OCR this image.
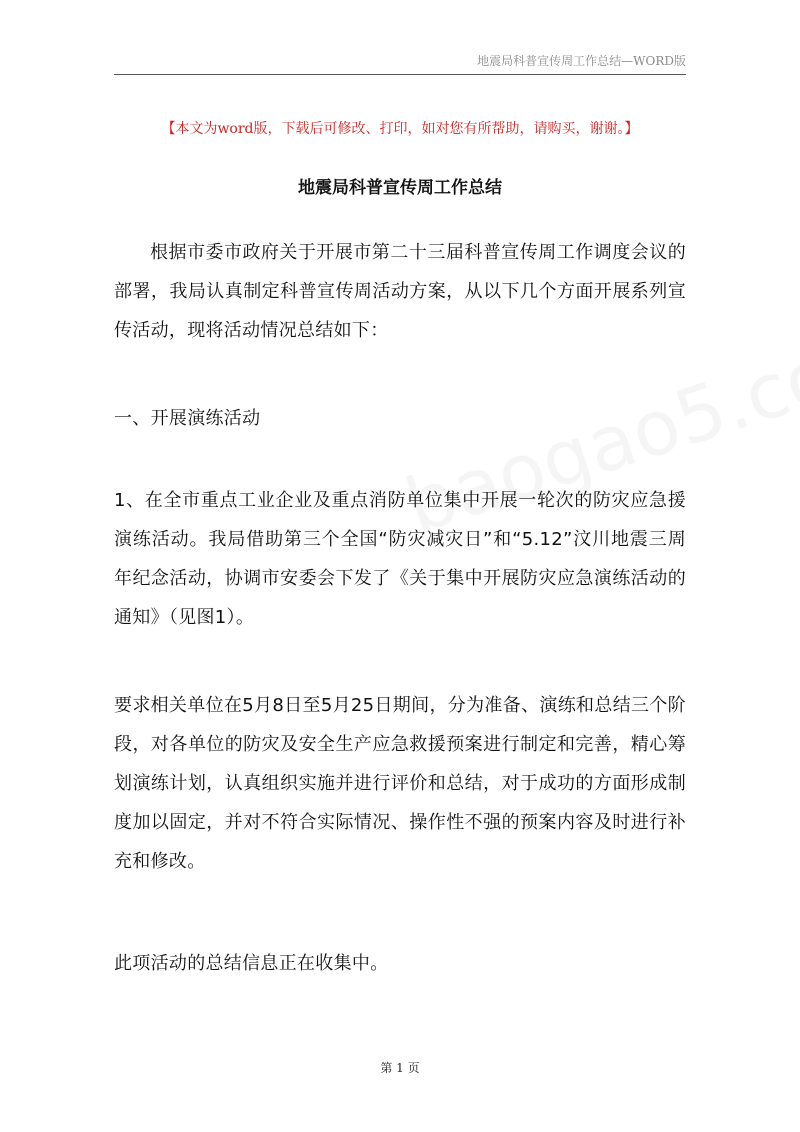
地震局科普宣传周工作总结—WORD版
【本文为word版，下载后可修改、打印，如对您有所帮助，请购买，谢谢。】
地震局科普宣传周工作总结

根据市委市政府关于开展市第二十三届科普宣传周工作调度会议的部署，我局认真制定科普宣传周活动方案，从以下几个方面开展系列宣传活动，现将活动情况总结如下：

一、开展演练活动

1、在全市重点工业企业及重点消防单位集中开展一轮次的防灾应急援演练活动。我局借助第三个全国“防灾减灾日”和“5.12”汶川地震三周年纪念活动，协调市安委会下发了《关于集中开展防灾应急演练活动的通知》（见图1）。

要求相关单位在5月8日至5月25日期间，分为准备、演练和总结三个阶段，对各单位的防灾及安全生产应急救援预案进行制定和完善，精心筹划演练计划，认真组织实施并进行评价和总结，对于成功的方面形成制度加以固定，并对不符合实际情况、操作性不强的预案内容及时进行补充和修改。

此项活动的总结信息正在收集中。

第 1 页
